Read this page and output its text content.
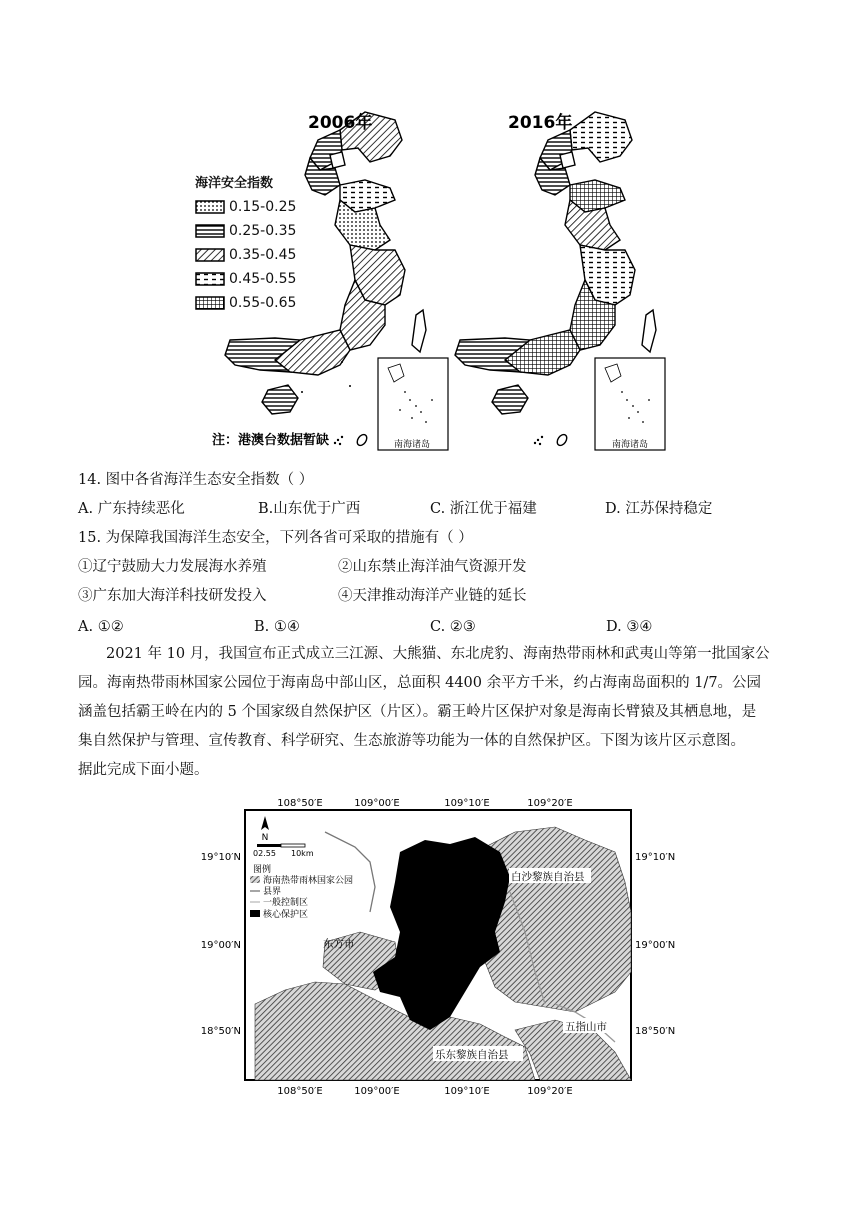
南海诸岛	南海诸岛
2006年	2016年
注：港澳台数据暂缺
海洋安全指数
0.15-0.25
0.25-0.35
0.35-0.45
0.45-0.55
0.55-0.65
14. 图中各省海洋生态安全指数（ ）
A. 广东持续恶化	B.山东优于广西	C. 浙江优于福建	D. 江苏保持稳定
15. 为保障我国海洋生态安全，下列各省可采取的措施有（ ）
①辽宁鼓励大力发展海水养殖	②山东禁止海洋油气资源开发
③广东加大海洋科技研发投入	④天津推动海洋产业链的延长
A. ①②	B. ①④	C. ②③	D. ③④
2021 年 10 月，我国宣布正式成立三江源、大熊猫、东北虎豹、海南热带雨林和武夷山等第一批国家公
园。海南热带雨林国家公园位于海南岛中部山区，总面积 4400 余平方千米，约占海南岛面积的 1/7。公园
涵盖包括霸王岭在内的 5 个国家级自然保护区（片区）。霸王岭片区保护对象是海南长臂猿及其栖息地，是
集自然保护与管理、宣传教育、科学研究、生态旅游等功能为一体的自然保护区。下图为该片区示意图。
据此完成下面小题。
108°50′E	109°00′E	109°10′E	109°20′E
108°50′E	109°00′E	109°10′E	109°20′E
19°10′N
19°00′N
18°50′N
19°10′N
19°00′N
18°50′N
N
02.55 10km
图例
海南热带雨林国家公园
县界
一般控制区
核心保护区
白沙黎族自治县
东方市
五指山市
乐东黎族自治县
